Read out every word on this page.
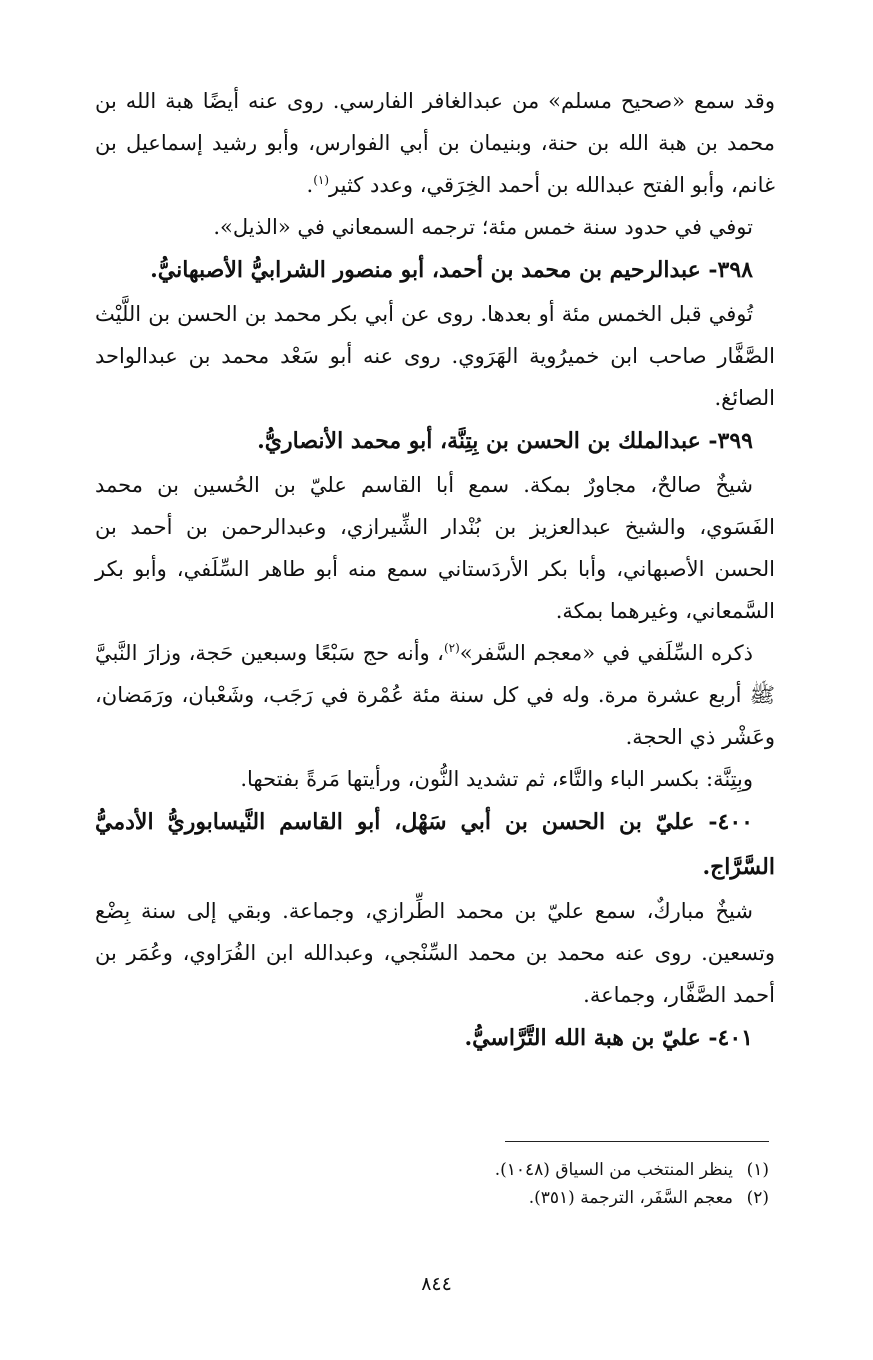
وقد سمع «صحيح مسلم» من عبدالغافر الفارسي. روى عنه أيضًا هبة الله بن محمد بن هبة الله بن حنة، وبنيمان بن أبي الفوارس، وأبو رشيد إسماعيل بن غانم، وأبو الفتح عبدالله بن أحمد الخِرَقي، وعدد كثير$^{(١)}$.

توفي في حدود سنة خمس مئة؛ ترجمه السمعاني في «الذيل».

٣٩٨- عبدالرحيم بن محمد بن أحمد، أبو منصور الشرابيُّ الأصبهانيُّ.

تُوفي قبل الخمس مئة أو بعدها. روى عن أبي بكر محمد بن الحسن بن اللَّيْث الصَّفَّار صاحب ابن خميرُوية الهَرَوي. روى عنه أبو سَعْد محمد بن عبدالواحد الصائغ.

٣٩٩- عبدالملك بن الحسن بن بِتِنَّة، أبو محمد الأنصاريُّ.

شيخٌ صالحٌ، مجاورٌ بمكة. سمع أبا القاسم عليّ بن الحُسين بن محمد الفَسَوي، والشيخ عبدالعزيز بن بُنْدار الشِّيرازي، وعبدالرحمن بن أحمد بن الحسن الأصبهاني، وأبا بكر الأردَستاني سمع منه أبو طاهر السِّلَفي، وأبو بكر السَّمعاني، وغيرهما بمكة.

ذكره السِّلَفي في «معجم السَّفر»$^{(٢)}$، وأنه حج سَبْعًا وسبعين حَجة، وزارَ النَّبيَّ ﷺ أربع عشرة مرة. وله في كل سنة مئة عُمْرة في رَجَب، وشَعْبان، ورَمَضان، وعَشْر ذي الحجة.

وبِتِنَّة: بكسر الباء والتَّاء، ثم تشديد النُّون، ورأيتها مَرةً بفتحها.

٤٠٠- عليّ بن الحسن بن أبي سَهْل، أبو القاسم النَّيسابوريُّ الأدميُّ السَّرَّاج.

شيخٌ مباركٌ، سمع عليّ بن محمد الطِّرازي، وجماعة. وبقي إلى سنة بِضْع وتسعين. روى عنه محمد بن محمد السِّنْجي، وعبدالله ابن الفُرَاوي، وعُمَر بن أحمد الصَّفَّار، وجماعة.

٤٠١- عليّ بن هبة الله التَّرَّاسيُّ.

(١)
ينظر المنتخب من السياق (١٠٤٨).

(٢)
معجم السَّفَر، الترجمة (٣٥١).

٨٤٤
